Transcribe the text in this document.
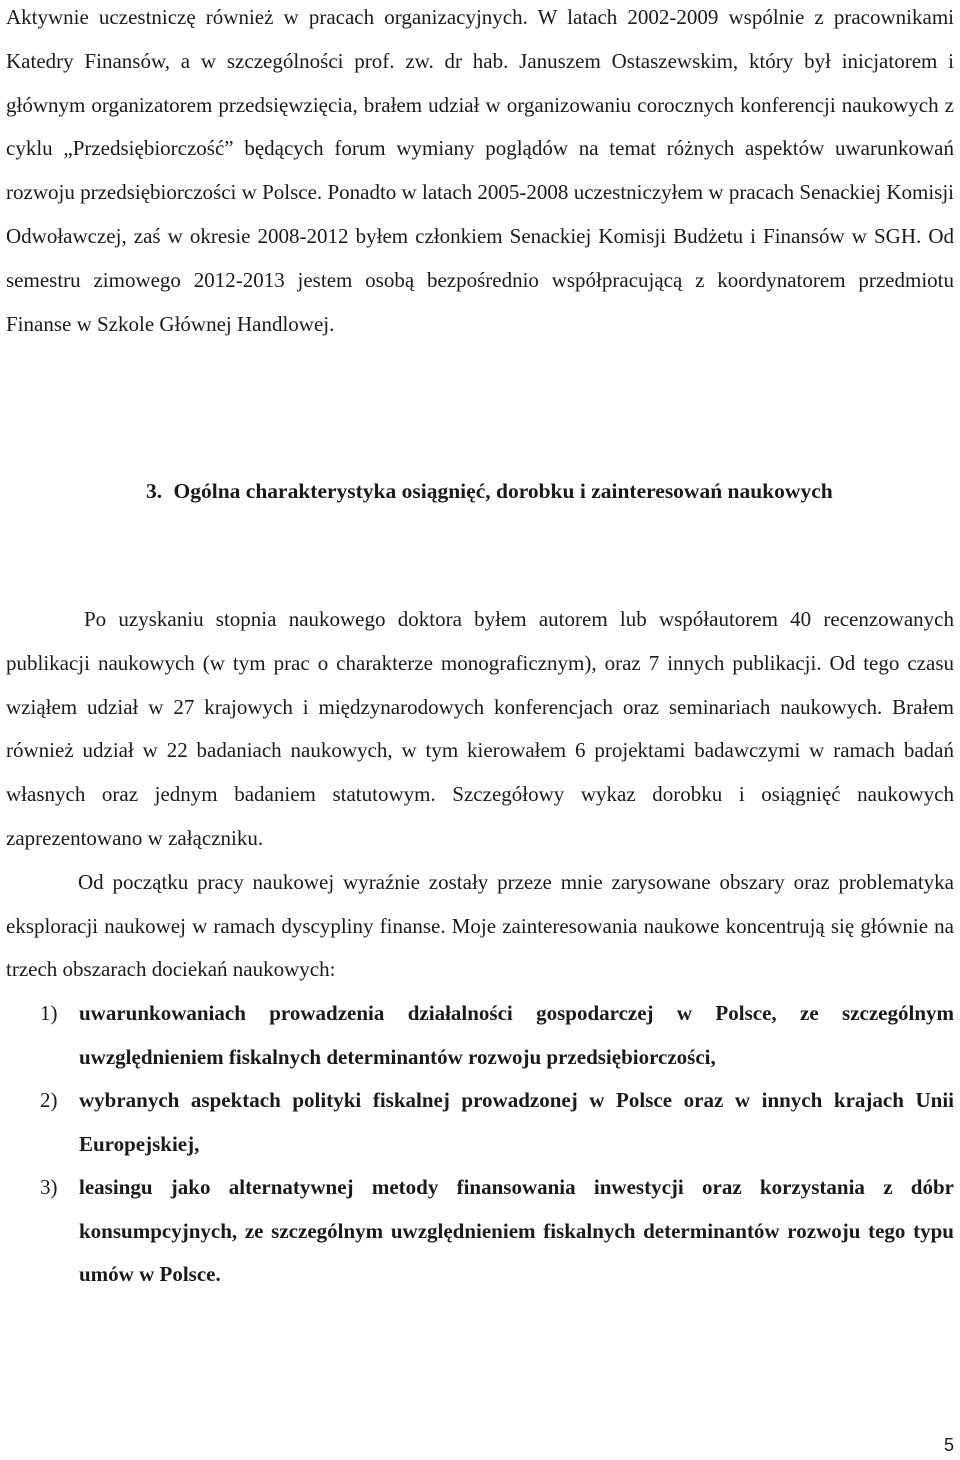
Aktywnie uczestniczę również w pracach organizacyjnych. W latach 2002-2009 wspólnie z pracownikami Katedry Finansów, a w szczególności prof. zw. dr hab. Januszem Ostaszewskim, który był inicjatorem i głównym organizatorem przedsięwzięcia, brałem udział w organizowaniu corocznych konferencji naukowych z cyklu „Przedsiębiorczość” będących forum wymiany poglądów na temat różnych aspektów uwarunkowań rozwoju przedsiębiorczości w Polsce. Ponadto w latach 2005-2008 uczestniczyłem w pracach Senackiej Komisji Odwoławczej, zaś w okresie 2008-2012 byłem członkiem Senackiej Komisji Budżetu i Finansów w SGH. Od semestru zimowego 2012-2013 jestem osobą bezpośrednio współpracującą z koordynatorem przedmiotu Finanse w Szkole Głównej Handlowej.

3. Ogólna charakterystyka osiągnięć, dorobku i zainteresowań naukowych

Po uzyskaniu stopnia naukowego doktora byłem autorem lub współautorem 40 recenzowanych publikacji naukowych (w tym prac o charakterze monograficznym), oraz 7 innych publikacji. Od tego czasu wziąłem udział w 27 krajowych i międzynarodowych konferencjach oraz seminariach naukowych. Brałem również udział w 22 badaniach naukowych, w tym kierowałem 6 projektami badawczymi w ramach badań własnych oraz jednym badaniem statutowym. Szczegółowy wykaz dorobku i osiągnięć naukowych zaprezentowano w załączniku.

Od początku pracy naukowej wyraźnie zostały przeze mnie zarysowane obszary oraz problematyka eksploracji naukowej w ramach dyscypliny finanse. Moje zainteresowania naukowe koncentrują się głównie na trzech obszarach dociekań naukowych:

1) uwarunkowaniach prowadzenia działalności gospodarczej w Polsce, ze szczególnym uwzględnieniem fiskalnych determinantów rozwoju przedsiębiorczości,
2) wybranych aspektach polityki fiskalnej prowadzonej w Polsce oraz w innych krajach Unii Europejskiej,
3) leasingu jako alternatywnej metody finansowania inwestycji oraz korzystania z dóbr konsumpcyjnych, ze szczególnym uwzględnieniem fiskalnych determinantów rozwoju tego typu umów w Polsce.
5
